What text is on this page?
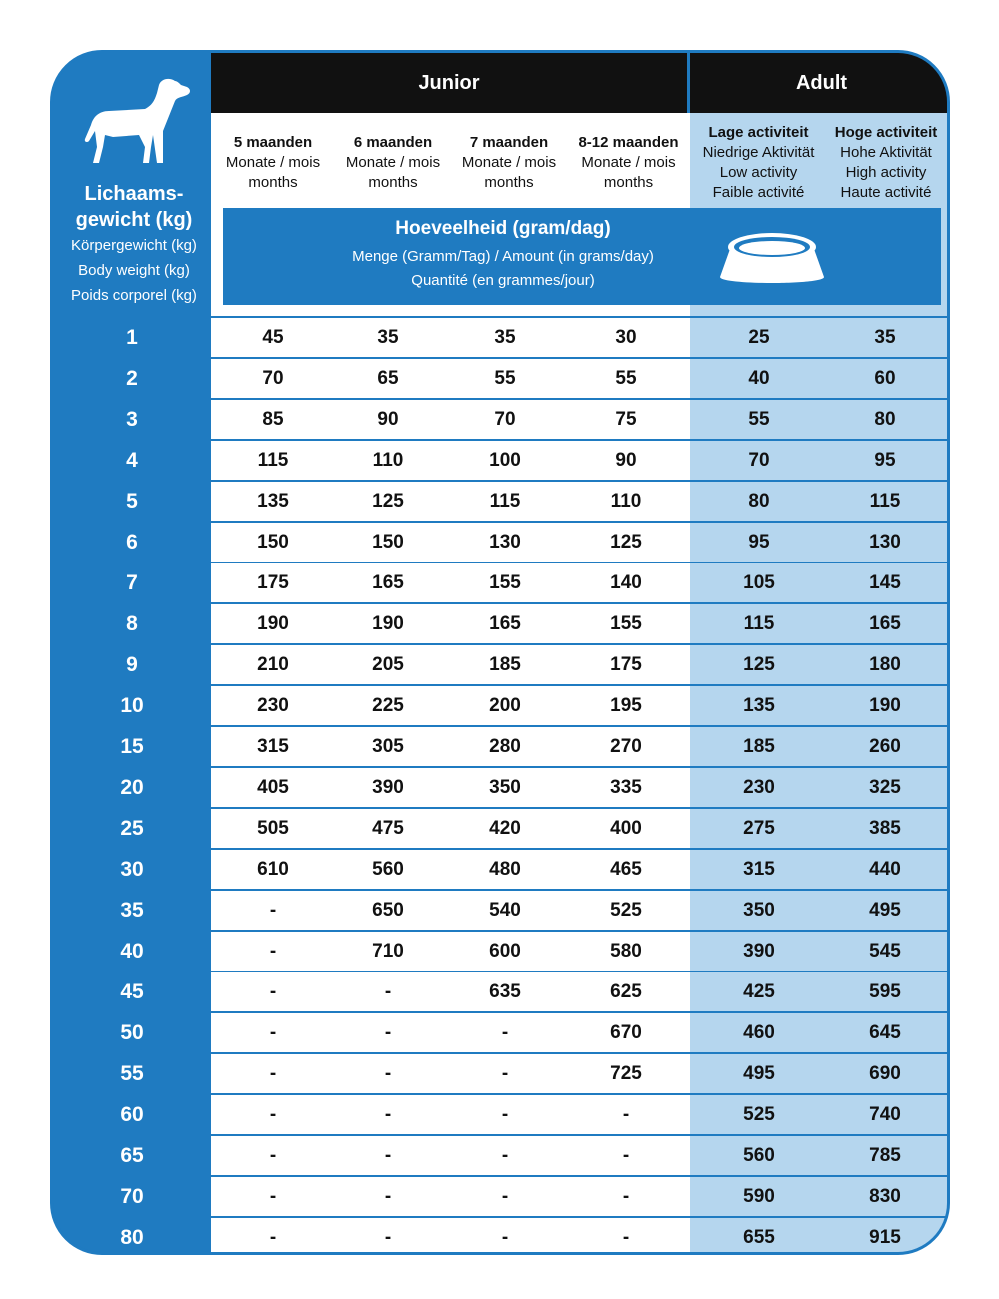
Lichaams-
gewicht (kg)
Körpergewicht (kg)
Body weight (kg)
Poids corporel (kg)
Junior	Adult
5 maanden
Monate / mois
months
6 maanden
Monate / mois
months
7 maanden
Monate / mois
months
8-12 maanden
Monate / mois
months
Lage activiteit
Niedrige Aktivität
Low activity
Faible activité
Hoge activiteit
Hohe Aktivität
High activity
Haute activité
Hoeveelheid (gram/dag)
Menge (Gramm/Tag) / Amount (in grams/day)
Quantité (en grammes/jour)
1	45	35	35	30	25	35
2	70	65	55	55	40	60
3	85	90	70	75	55	80
4	115	110	100	90	70	95
5	135	125	115	110	80	115
6	150	150	130	125	95	130
7	175	165	155	140	105	145
8	190	190	165	155	115	165
9	210	205	185	175	125	180
10	230	225	200	195	135	190
15	315	305	280	270	185	260
20	405	390	350	335	230	325
25	505	475	420	400	275	385
30	610	560	480	465	315	440
35	-	650	540	525	350	495
40	-	710	600	580	390	545
45	-	-	635	625	425	595
50	-	-	-	670	460	645
55	-	-	-	725	495	690
60	-	-	-	-	525	740
65	-	-	-	-	560	785
70	-	-	-	-	590	830
80	-	-	-	-	655	915
